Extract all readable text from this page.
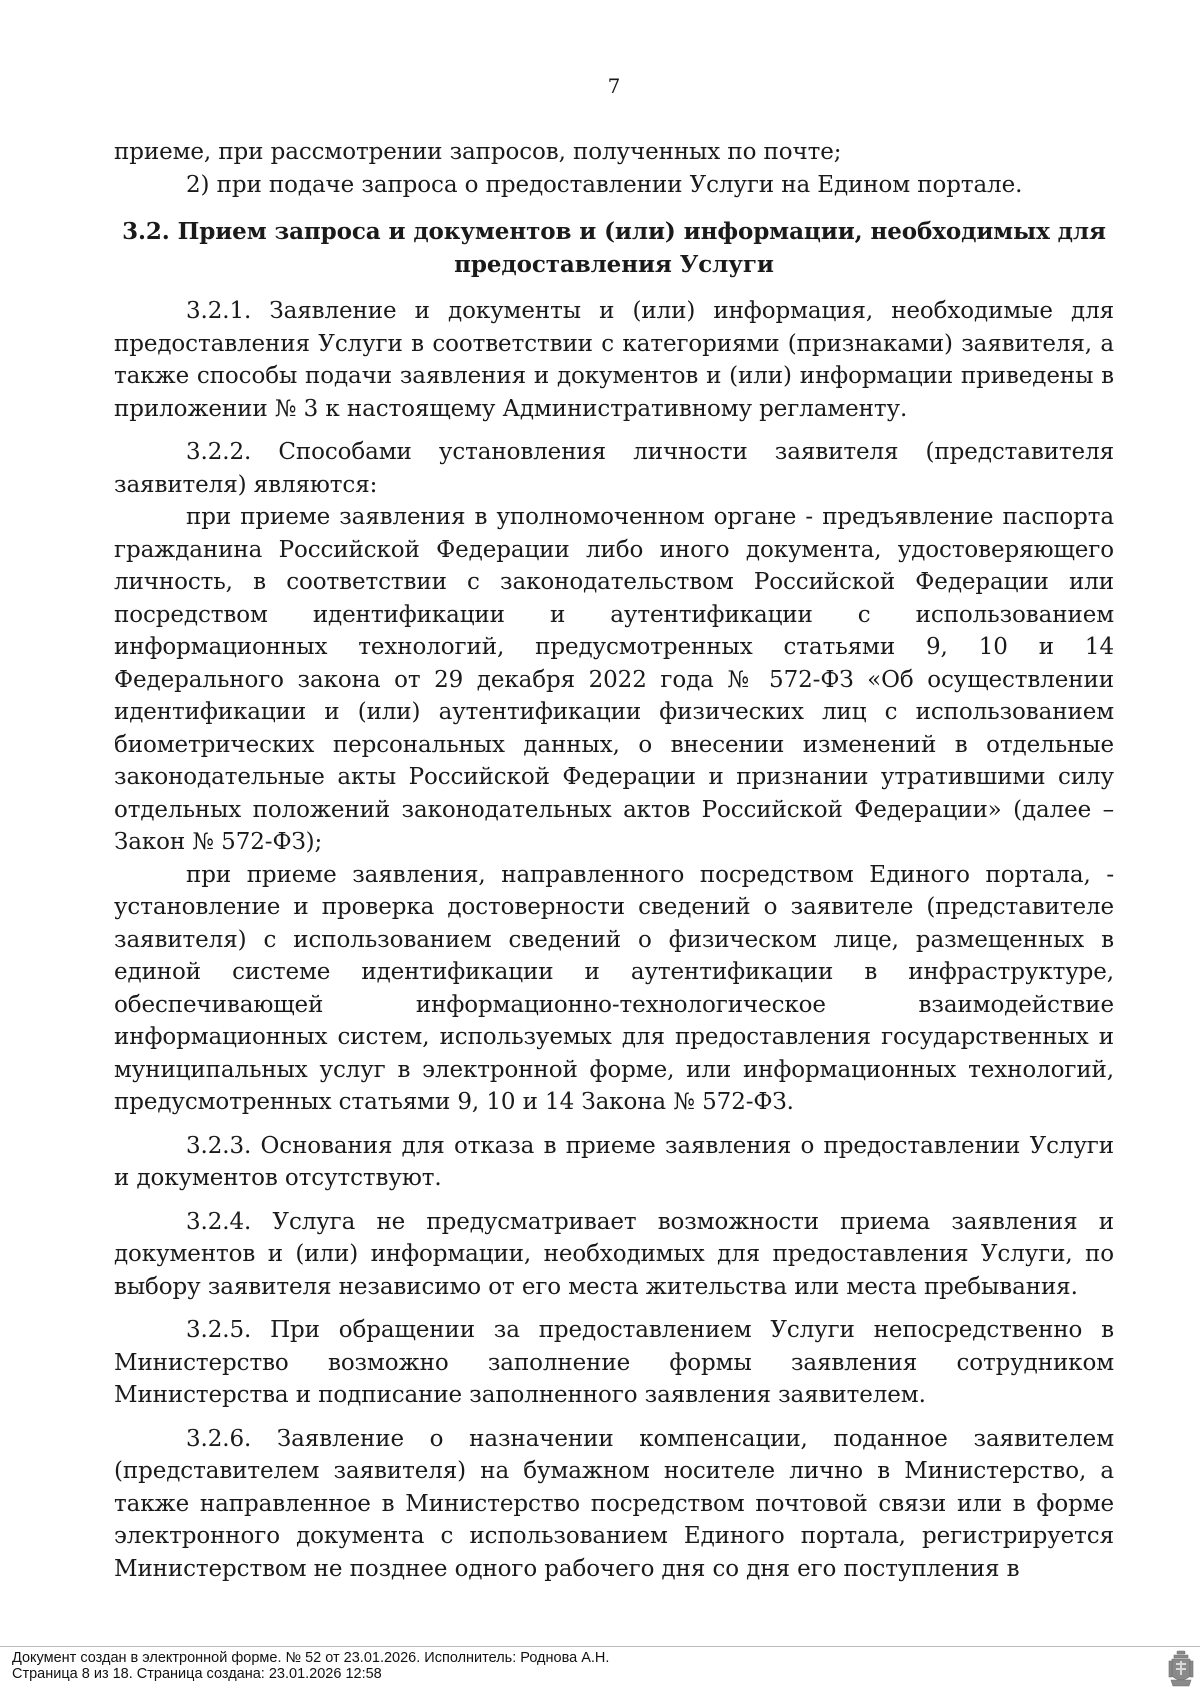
7

приеме, при рассмотрении запросов, полученных по почте;

2) при подаче запроса о предоставлении Услуги на Едином портале.

3.2. Прием запроса и документов и (или) информации, необходимых для
предоставления Услуги

3.2.1. Заявление и документы и (или) информация, необходимые для предоставления Услуги в соответствии с категориями (признаками) заявителя, а также способы подачи заявления и документов и (или) информации приведены в приложении № 3 к настоящему Административному регламенту.

3.2.2. Способами установления личности заявителя (представителя заявителя) являются:

при приеме заявления в уполномоченном органе - предъявление паспорта гражданина Российской Федерации либо иного документа, удостоверяющего личность, в соответствии с законодательством Российской Федерации или посредством идентификации и аутентификации с использованием информационных технологий, предусмотренных статьями 9, 10 и 14 Федерального закона от 29 декабря 2022 года № 572-ФЗ «Об осуществлении идентификации и (или) аутентификации физических лиц с использованием биометрических персональных данных, о внесении изменений в отдельные законодательные акты Российской Федерации и признании утратившими силу отдельных положений законодательных актов Российской Федерации» (далее – Закон № 572-ФЗ);

при приеме заявления, направленного посредством Единого портала, - установление и проверка достоверности сведений о заявителе (представителе заявителя) с использованием сведений о физическом лице, размещенных в единой системе идентификации и аутентификации в инфраструктуре, обеспечивающей информационно-технологическое взаимодействие информационных систем, используемых для предоставления государственных и муниципальных услуг в электронной форме, или информационных технологий, предусмотренных статьями 9, 10 и 14 Закона № 572-ФЗ.

3.2.3. Основания для отказа в приеме заявления о предоставлении Услуги и документов отсутствуют.

3.2.4. Услуга не предусматривает возможности приема заявления и документов и (или) информации, необходимых для предоставления Услуги, по выбору заявителя независимо от его места жительства или места пребывания.

3.2.5. При обращении за предоставлением Услуги непосредственно в Министерство возможно заполнение формы заявления сотрудником Министерства и подписание заполненного заявления заявителем.

3.2.6. Заявление о назначении компенсации, поданное заявителем (представителем заявителя) на бумажном носителе лично в Министерство, а также направленное в Министерство посредством почтовой связи или в форме электронного документа с использованием Единого портала, регистрируется Министерством не позднее одного рабочего дня со дня его поступления в

Документ создан в электронной форме. № 52 от 23.01.2026. Исполнитель: Роднова А.Н.
Страница 8 из 18. Страница создана: 23.01.2026 12:58
